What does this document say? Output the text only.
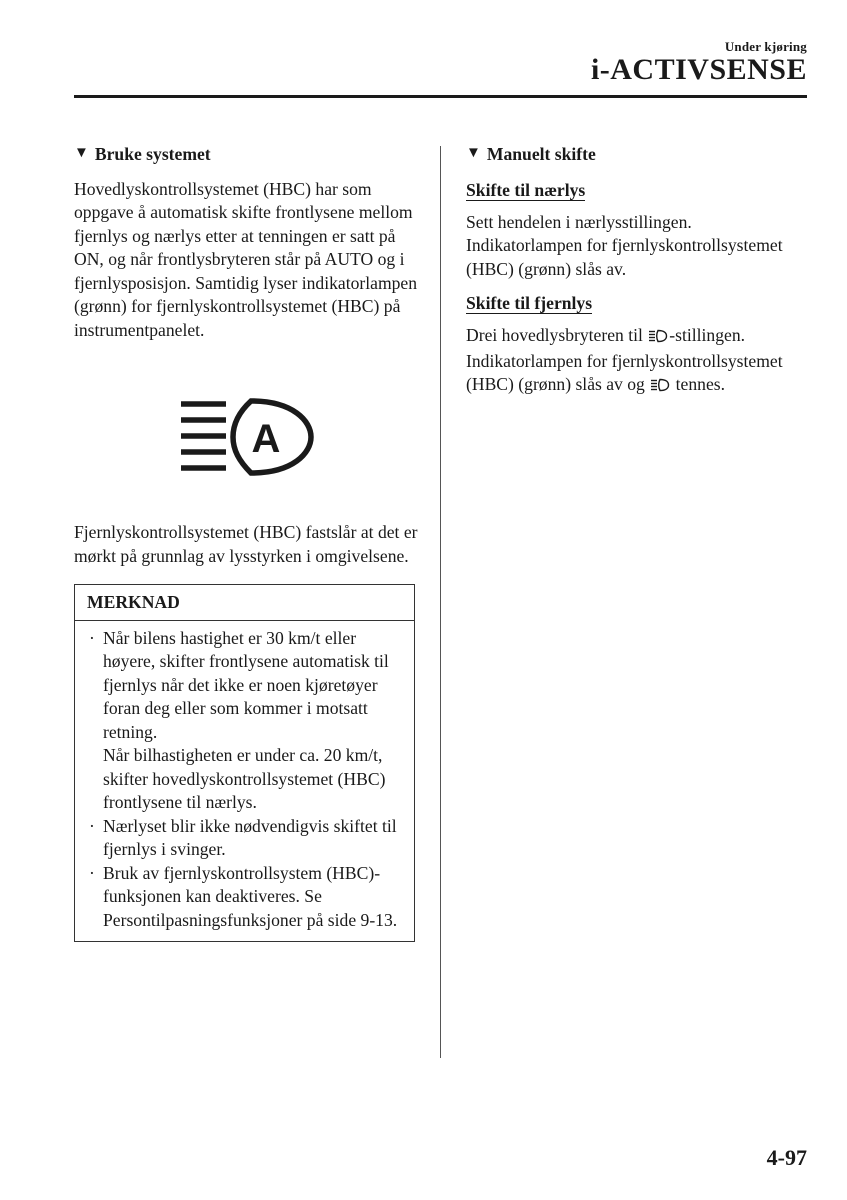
Under kjøring
i-ACTIVSENSE
▼ Bruke systemet

Hovedlyskontrollsystemet (HBC) har som oppgave å automatisk skifte frontlysene mellom fjernlys og nærlys etter at tenningen er satt på ON, og når frontlysbryteren står på AUTO og i fjernlysposisjon. Samtidig lyser indikatorlampen (grønn) for fjernlyskontrollsystemet (HBC) på instrumentpanelet.

A

Fjernlyskontrollsystemet (HBC) fastslår at det er mørkt på grunnlag av lysstyrken i omgivelsene.

MERKNAD
· Når bilens hastighet er 30 km/t eller høyere, skifter frontlysene automatisk til fjernlys når det ikke er noen kjøretøyer foran deg eller som kommer i motsatt retning.
Når bilhastigheten er under ca. 20 km/t, skifter hovedlyskontrollsystemet (HBC) frontlysene til nærlys.
· Nærlyset blir ikke nødvendigvis skiftet til fjernlys i svinger.
· Bruk av fjernlyskontrollsystem (HBC)-funksjonen kan deaktiveres. Se Persontilpasningsfunksjoner på side 9-13.
▼ Manuelt skifte
Skifte til nærlys

Sett hendelen i nærlysstillingen. Indikatorlampen for fjernlyskontrollsystemet (HBC) (grønn) slås av.

Skifte til fjernlys

Drei hovedlysbryteren til -stillingen. Indikatorlampen for fjernlyskontrollsystemet (HBC) (grønn) slås av og  tennes.

4-97
